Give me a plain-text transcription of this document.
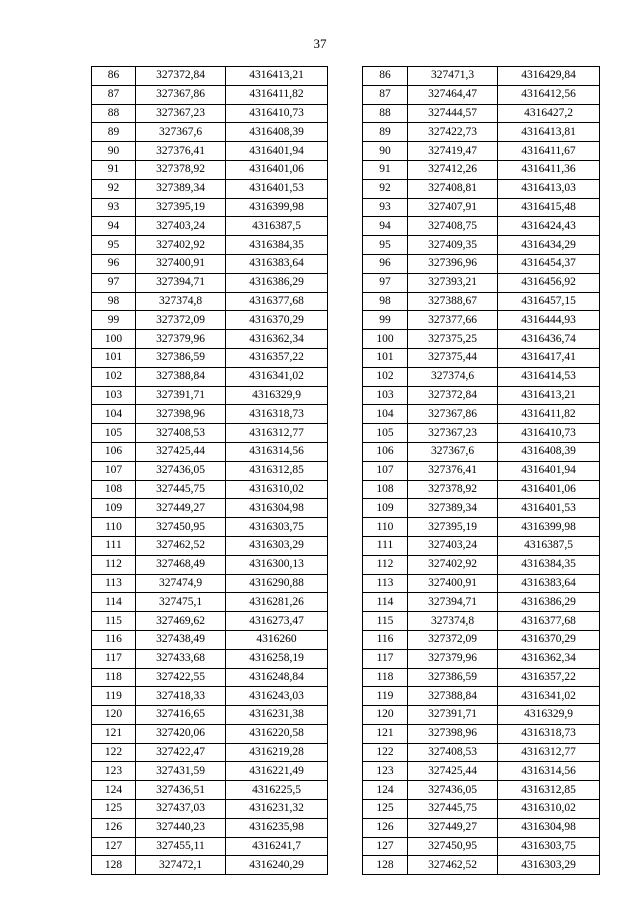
37
86	327372,84	4316413,21
87	327367,86	4316411,82
88	327367,23	4316410,73
89	327367,6	4316408,39
90	327376,41	4316401,94
91	327378,92	4316401,06
92	327389,34	4316401,53
93	327395,19	4316399,98
94	327403,24	4316387,5
95	327402,92	4316384,35
96	327400,91	4316383,64
97	327394,71	4316386,29
98	327374,8	4316377,68
99	327372,09	4316370,29
100	327379,96	4316362,34
101	327386,59	4316357,22
102	327388,84	4316341,02
103	327391,71	4316329,9
104	327398,96	4316318,73
105	327408,53	4316312,77
106	327425,44	4316314,56
107	327436,05	4316312,85
108	327445,75	4316310,02
109	327449,27	4316304,98
110	327450,95	4316303,75
111	327462,52	4316303,29
112	327468,49	4316300,13
113	327474,9	4316290,88
114	327475,1	4316281,26
115	327469,62	4316273,47
116	327438,49	4316260
117	327433,68	4316258,19
118	327422,55	4316248,84
119	327418,33	4316243,03
120	327416,65	4316231,38
121	327420,06	4316220,58
122	327422,47	4316219,28
123	327431,59	4316221,49
124	327436,51	4316225,5
125	327437,03	4316231,32
126	327440,23	4316235,98
127	327455,11	4316241,7
128	327472,1	4316240,29
86	327471,3	4316429,84
87	327464,47	4316412,56
88	327444,57	4316427,2
89	327422,73	4316413,81
90	327419,47	4316411,67
91	327412,26	4316411,36
92	327408,81	4316413,03
93	327407,91	4316415,48
94	327408,75	4316424,43
95	327409,35	4316434,29
96	327396,96	4316454,37
97	327393,21	4316456,92
98	327388,67	4316457,15
99	327377,66	4316444,93
100	327375,25	4316436,74
101	327375,44	4316417,41
102	327374,6	4316414,53
103	327372,84	4316413,21
104	327367,86	4316411,82
105	327367,23	4316410,73
106	327367,6	4316408,39
107	327376,41	4316401,94
108	327378,92	4316401,06
109	327389,34	4316401,53
110	327395,19	4316399,98
111	327403,24	4316387,5
112	327402,92	4316384,35
113	327400,91	4316383,64
114	327394,71	4316386,29
115	327374,8	4316377,68
116	327372,09	4316370,29
117	327379,96	4316362,34
118	327386,59	4316357,22
119	327388,84	4316341,02
120	327391,71	4316329,9
121	327398,96	4316318,73
122	327408,53	4316312,77
123	327425,44	4316314,56
124	327436,05	4316312,85
125	327445,75	4316310,02
126	327449,27	4316304,98
127	327450,95	4316303,75
128	327462,52	4316303,29
